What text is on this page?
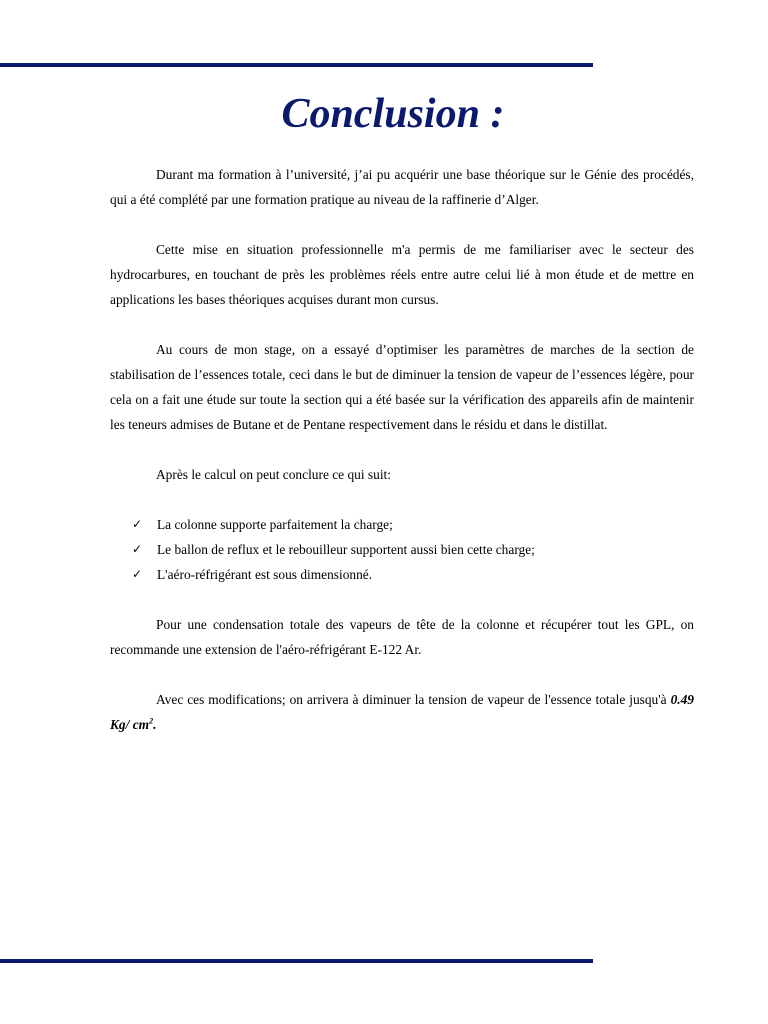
Conclusion :

Durant ma formation à l’université, j’ai pu acquérir une base théorique sur le Génie des procédés, qui a été complété par une formation pratique au niveau de la raffinerie d’Alger.

Cette mise en situation professionnelle m'a permis de me familiariser avec le secteur des hydrocarbures, en touchant de près les problèmes réels entre autre celui lié à mon étude et de mettre en applications les bases théoriques acquises durant mon cursus.

Au cours de mon stage, on a essayé d’optimiser les paramètres de marches de la section de stabilisation de l’essences totale, ceci dans le but de diminuer la tension de vapeur de l’essences légère, pour cela on a fait une étude sur toute la section qui a été basée sur la vérification des appareils afin de maintenir les teneurs admises de Butane et de Pentane respectivement dans le résidu et dans le distillat.

Après le calcul on peut conclure ce qui suit:

✓ La colonne supporte parfaitement la charge;
✓ Le ballon de reflux et le rebouilleur supportent aussi bien cette charge;
✓ L'aéro-réfrigérant est sous dimensionné.

Pour une condensation totale des vapeurs de tête de la colonne et récupérer tout les GPL, on recommande une extension de l'aéro-réfrigérant E-122 Ar.

Avec ces modifications; on arrivera à diminuer la tension de vapeur de l'essence totale jusqu'à 0.49 Kg/ $cm^2$.
